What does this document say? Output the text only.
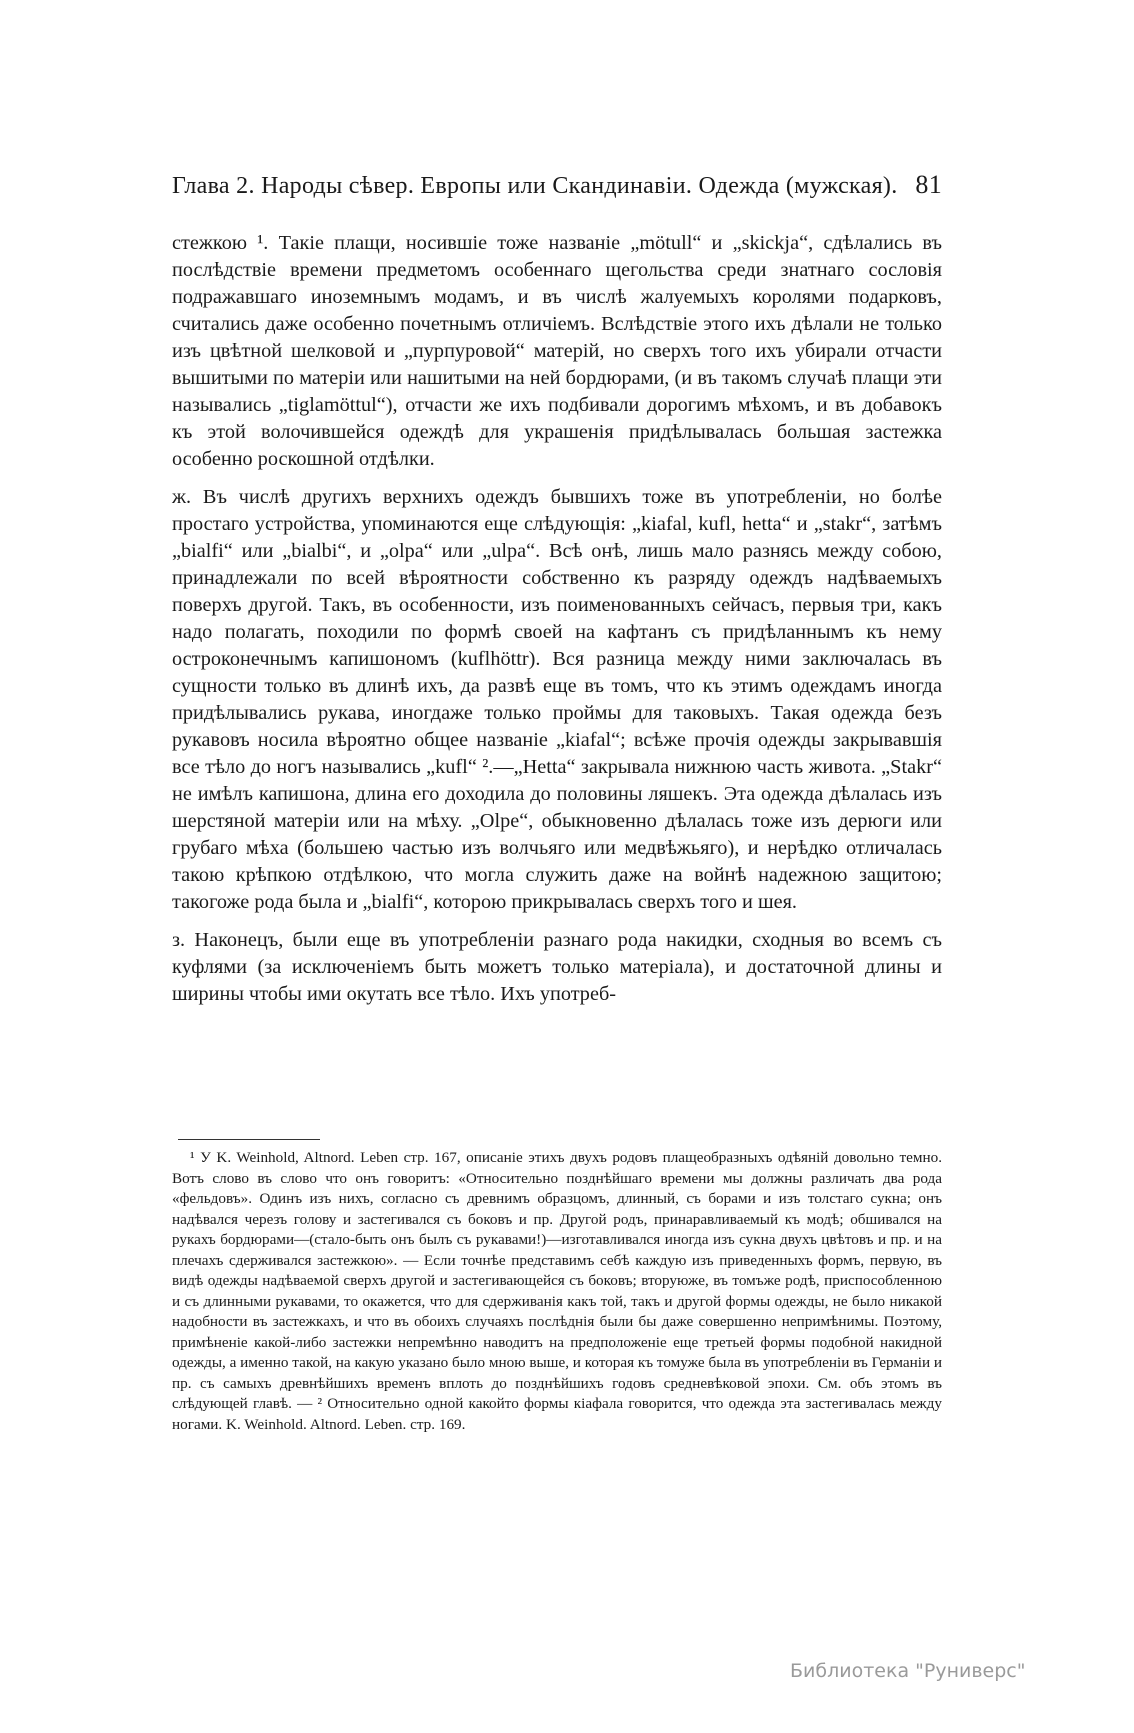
Глава 2. Народы сѣвер. Европы или Скандинавіи. Одежда (мужская). 81

стежкою ¹. Такіе плащи, носившіе тоже названіе „mötull“ и „skickja“, сдѣлались въ послѣдствіе времени предметомъ особеннаго щегольства среди знатнаго сословія подражавшаго иноземнымъ модамъ, и въ числѣ жалуемыхъ королями подарковъ, считались даже особенно почетнымъ отличіемъ. Вслѣдствіе этого ихъ дѣлали не только изъ цвѣтной шелковой и „пурпуровой“ матерій, но сверхъ того ихъ убирали отчасти вышитыми по матеріи или нашитыми на ней бордюрами, (и въ такомъ случаѣ плащи эти назывались „tiglamöttul“), отчасти же ихъ подбивали дорогимъ мѣхомъ, и въ добавокъ къ этой волочившейся одеждѣ для украшенія придѣлывалась большая застежка особенно роскошной отдѣлки.

ж. Въ числѣ другихъ верхнихъ одеждъ бывшихъ тоже въ употребленіи, но болѣе простаго устройства, упоминаются еще слѣдующія: „kiafal, kufl, hetta“ и „stakr“, затѣмъ „bialfi“ или „bialbi“, и „olpa“ или „ulpa“. Всѣ онѣ, лишь мало разнясь между собою, принадлежали по всей вѣроятности собственно къ разряду одеждъ надѣваемыхъ поверхъ другой. Такъ, въ особенности, изъ поименованныхъ сейчасъ, первыя три, какъ надо полагать, походили по формѣ своей на кафтанъ съ придѣланнымъ къ нему остроконечнымъ капишономъ (kuflhöttr). Вся разница между ними заключалась въ сущности только въ длинѣ ихъ, да развѣ еще въ томъ, что къ этимъ одеждамъ иногда придѣлывались рукава, иногдаже только проймы для таковыхъ. Такая одежда безъ рукавовъ носила вѣроятно общее названіе „kiafal“; всѣже прочія одежды закрывавшія все тѣло до ногъ назывались „kufl“ ².—„Hetta“ закрывала нижнюю часть живота. „Stakr“ не имѣлъ капишона, длина его доходила до половины ляшекъ. Эта одежда дѣлалась изъ шерстяной матеріи или на мѣху. „Olpe“, обыкновенно дѣлалась тоже изъ дерюги или грубаго мѣха (большею частью изъ волчьяго или медвѣжьяго), и нерѣдко отличалась такою крѣпкою отдѣлкою, что могла служить даже на войнѣ надежною защитою; такогоже рода была и „bialfi“, которою прикрывалась сверхъ того и шея.

з. Наконецъ, были еще въ употребленіи разнаго рода накидки, сходныя во всемъ съ куфлями (за исключеніемъ быть можетъ только матеріала), и достаточной длины и ширины чтобы ими окутать все тѣло. Ихъ употреб-

¹ У K. Weinhold, Altnord. Leben стр. 167, описаніе этихъ двухъ родовъ плащеобразныхъ одѣяній довольно темно. Вотъ слово въ слово что онъ говоритъ: «Относительно позднѣйшаго времени мы должны различать два рода «фельдовъ». Одинъ изъ нихъ, согласно съ древнимъ образцомъ, длинный, съ борами и изъ толстаго сукна; онъ надѣвался черезъ голову и застегивался съ боковъ и пр. Другой родъ, принаравливаемый къ модѣ; обшивался на рукахъ бордюрами—(стало-быть онъ былъ съ рукавами!)—изготавливался иногда изъ сукна двухъ цвѣтовъ и пр. и на плечахъ сдерживался застежкою». — Если точнѣе представимъ себѣ каждую изъ приведенныхъ формъ, первую, въ видѣ одежды надѣваемой сверхъ другой и застегивающейся съ боковъ; вторуюже, въ томъже родѣ, приспособленною и съ длинными рукавами, то окажется, что для сдерживанія какъ той, такъ и другой формы одежды, не было никакой надобности въ застежкахъ, и что въ обоихъ случаяхъ послѣднія были бы даже совершенно непримѣнимы. Поэтому, примѣненіе какой-либо застежки непремѣнно наводитъ на предположеніе еще третьей формы подобной накидной одежды, а именно такой, на какую указано было мною выше, и которая къ томуже была въ употребленіи въ Германіи и пр. съ самыхъ древнѣйшихъ временъ вплоть до позднѣйшихъ годовъ средневѣковой эпохи. См. объ этомъ въ слѣдующей главѣ. — ² Относительно одной какойто формы кіафала говорится, что одежда эта застегивалась между ногами. K. Weinhold. Altnord. Leben. стр. 169.

Библиотека "Руниверс"
